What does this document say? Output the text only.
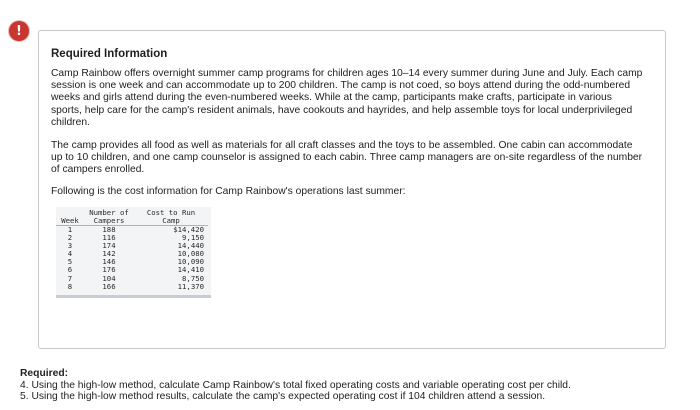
!
Required Information

Camp Rainbow offers overnight summer camp programs for children ages 10–14 every summer during June and July. Each camp session is one week and can accommodate up to 200 children. The camp is not coed, so boys attend during the odd-numbered weeks and girls attend during the even-numbered weeks. While at the camp, participants make crafts, participate in various sports, help care for the camp's resident animals, have cookouts and hayrides, and help assemble toys for local underprivileged children.

The camp provides all food as well as materials for all craft classes and the toys to be assembled. One cabin can accommodate up to 10 children, and one camp counselor is assigned to each cabin. Three camp managers are on-site regardless of the number of campers enrolled.

Following is the cost information for Camp Rainbow's operations last summer:

	Number of	Cost to Run
Week	Campers	Camp
1	188	$14,420
2	116	9,150
3	174	14,440
4	142	10,080
5	146	10,090
6	176	14,410
7	104	8,750
8	166	11,370
Required:
4. Using the high-low method, calculate Camp Rainbow's total fixed operating costs and variable operating cost per child.
5. Using the high-low method results, calculate the camp's expected operating cost if 104 children attend a session.
